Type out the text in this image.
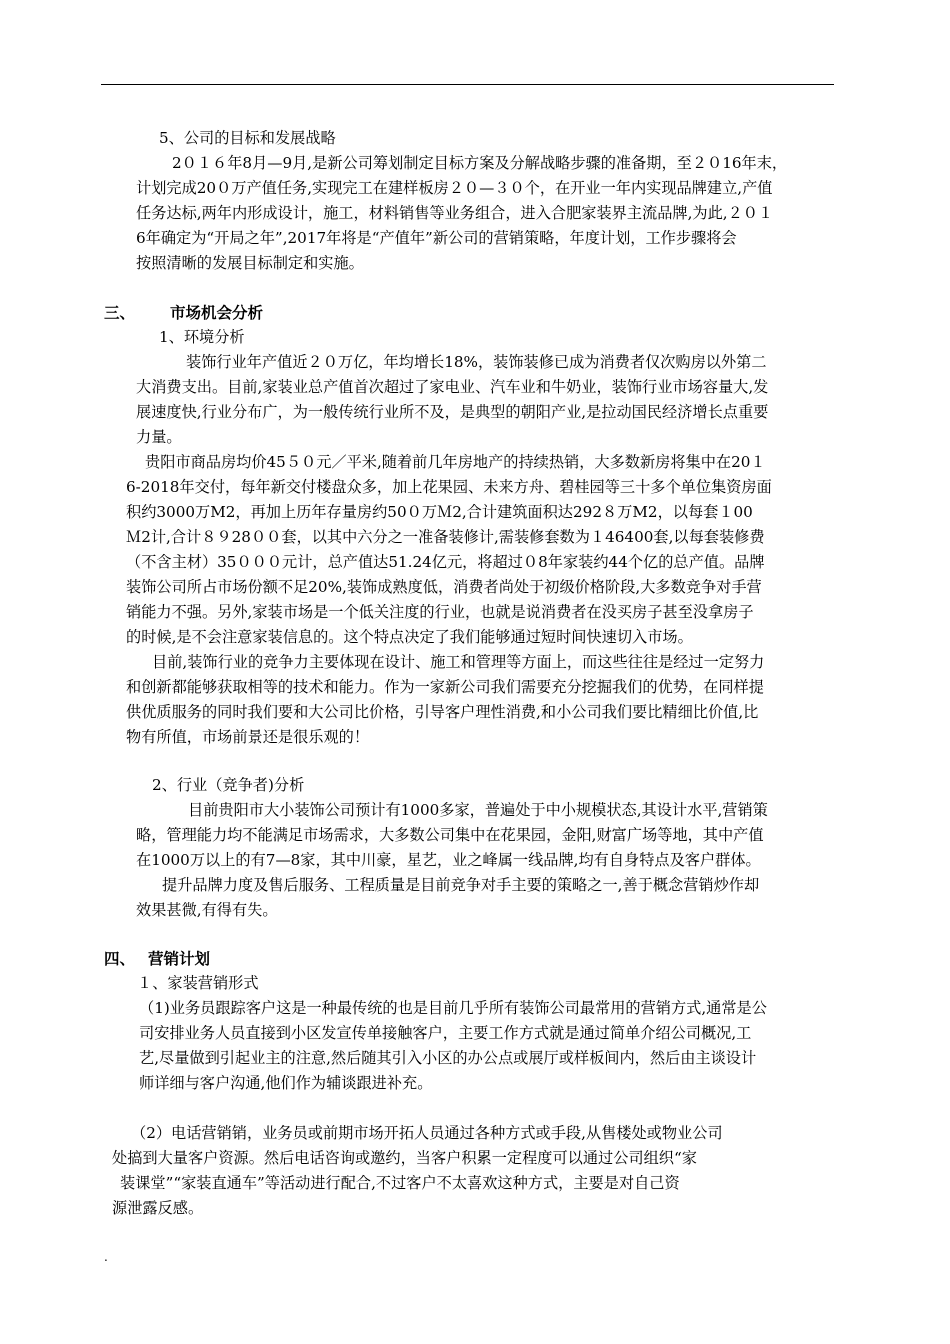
5、公司的目标和发展战略
2０１６年8月—9月,是新公司筹划制定目标方案及分解战略步骤的准备期，至２０16年末，
计划完成20０万产值任务,实现完工在建样板房２０—３０个，在开业一年内实现品牌建立,产值
任务达标,两年内形成设计，施工，材料销售等业务组合，进入合肥家装界主流品牌,为此,２０１
6年确定为“开局之年”,2017年将是“产值年”新公司的营销策略，年度计划，工作步骤将会
按照清晰的发展目标制定和实施。
三、 市场机会分析
1、环境分析
装饰行业年产值近２０万亿，年均增长18%，装饰装修已成为消费者仅次购房以外第二
大消费支出。目前,家装业总产值首次超过了家电业、汽车业和牛奶业，装饰行业市场容量大,发
展速度快,行业分布广，为一般传统行业所不及，是典型的朝阳产业,是拉动国民经济增长点重要
力量。
贵阳市商品房均价45５０元／平米,随着前几年房地产的持续热销，大多数新房将集中在20１
6-2018年交付，每年新交付楼盘众多，加上花果园、未来方舟、碧桂园等三十多个单位集资房面
积约3000万M2，再加上历年存量房约50０万Ｍ2,合计建筑面积达292８万M2，以每套１00
Ｍ2计,合计８９28００套，以其中六分之一准备装修计,需装修套数为１46400套,以每套装修费
（不含主材）35０００元计，总产值达51.24亿元，将超过０8年家装约44个亿的总产值。品牌
装饰公司所占市场份额不足20%,装饰成熟度低，消费者尚处于初级价格阶段,大多数竞争对手营
销能力不强。另外,家装市场是一个低关注度的行业，也就是说消费者在没买房子甚至没拿房子
的时候,是不会注意家装信息的。这个特点决定了我们能够通过短时间快速切入市场。
目前,装饰行业的竞争力主要体现在设计、施工和管理等方面上，而这些往往是经过一定努力
和创新都能够获取相等的技术和能力。作为一家新公司我们需要充分挖掘我们的优势，在同样提
供优质服务的同时我们要和大公司比价格，引导客户理性消费,和小公司我们要比精细比价值,比
物有所值，市场前景还是很乐观的！
2、行业（竞争者)分析
目前贵阳市大小装饰公司预计有1000多家，普遍处于中小规模状态,其设计水平,营销策
略，管理能力均不能满足市场需求，大多数公司集中在花果园，金阳,财富广场等地，其中产值
在1000万以上的有7—8家，其中川豪，星艺，业之峰属一线品牌,均有自身特点及客户群体。
提升品牌力度及售后服务、工程质量是目前竞争对手主要的策略之一,善于概念营销炒作却
效果甚微,有得有失。
四、 营销计划
１、家装营销形式
（1)业务员跟踪客户这是一种最传统的也是目前几乎所有装饰公司最常用的营销方式,通常是公
司安排业务人员直接到小区发宣传单接触客户，主要工作方式就是通过简单介绍公司概况,工
艺,尽量做到引起业主的注意,然后随其引入小区的办公点或展厅或样板间内，然后由主谈设计
师详细与客户沟通,他们作为辅谈跟进补充。
（2）电话营销销，业务员或前期市场开拓人员通过各种方式或手段,从售楼处或物业公司
处搞到大量客户资源。然后电话咨询或邀约，当客户积累一定程度可以通过公司组织“家
装课堂”“家装直通车”等活动进行配合,不过客户不太喜欢这种方式，主要是对自己资
源泄露反感。
.
